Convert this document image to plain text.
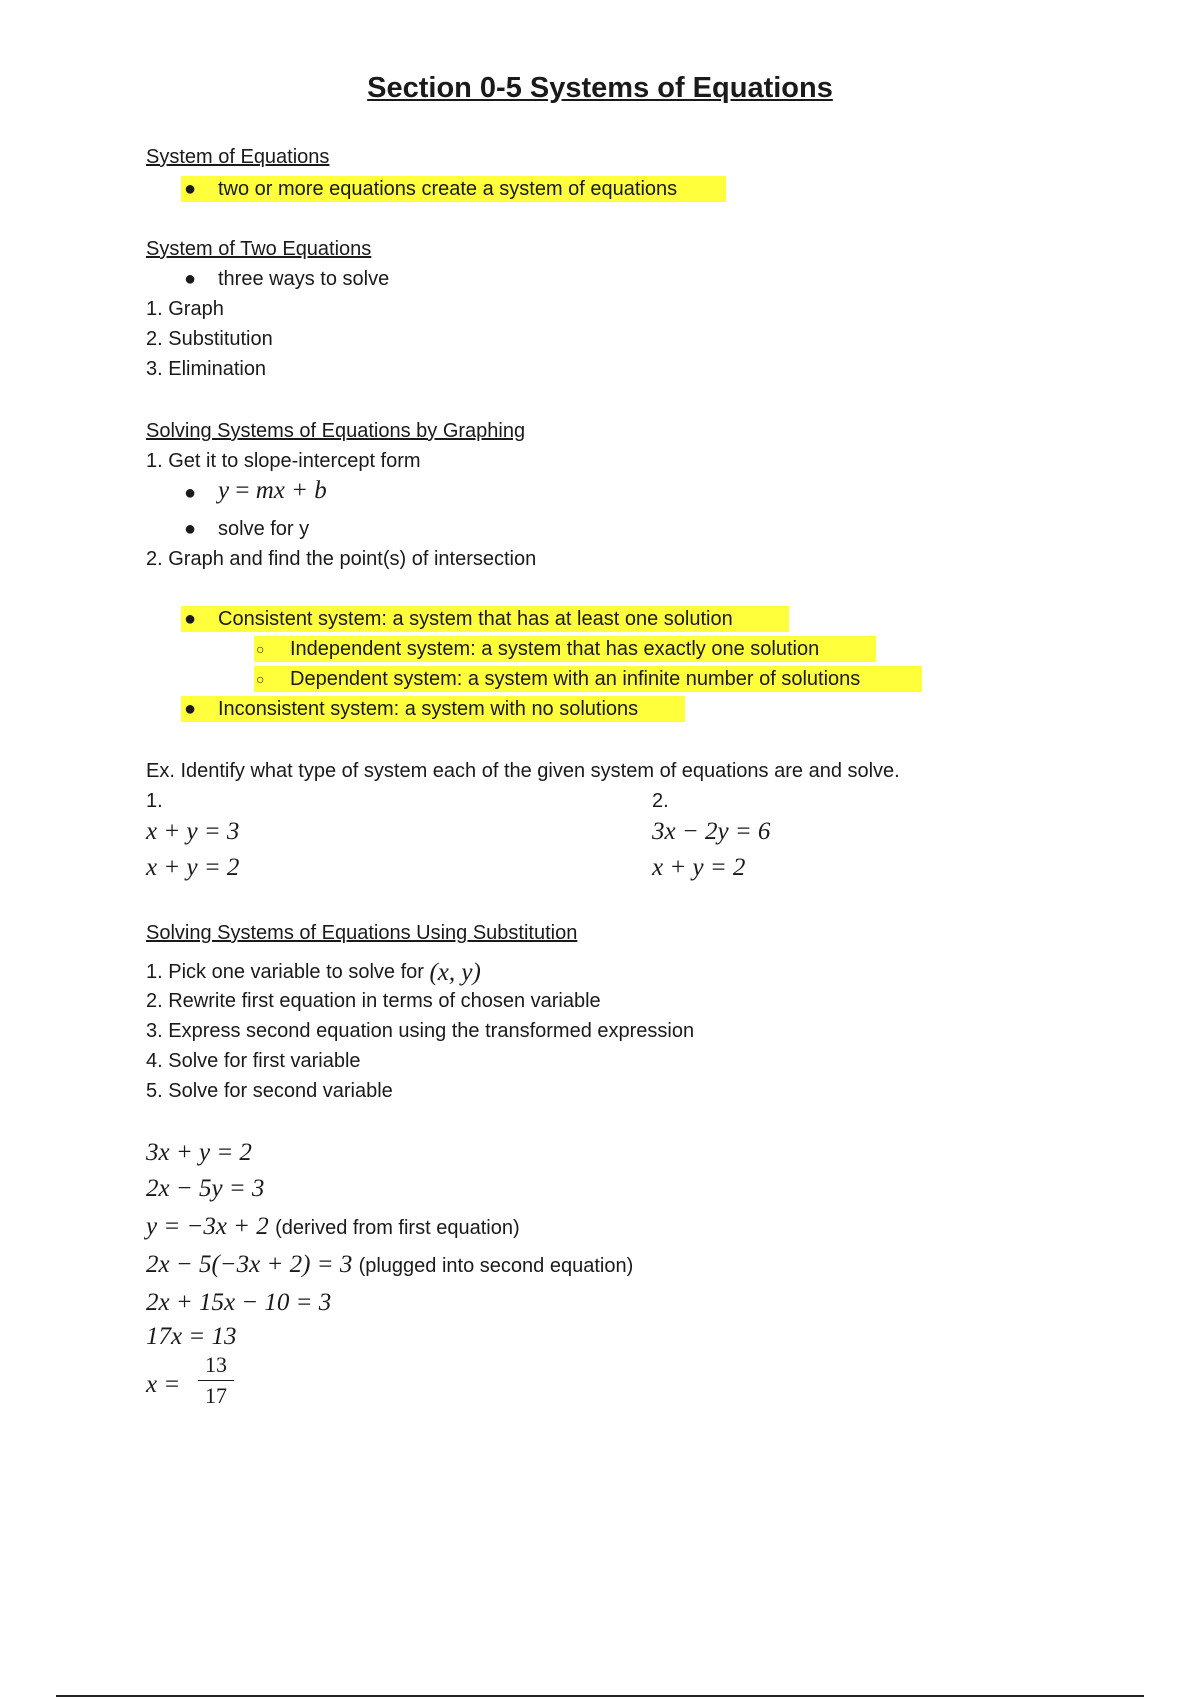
Section 0-5 Systems of Equations
System of Equations
● two or more equations create a system of equations
System of Two Equations
● three ways to solve
1. Graph
2. Substitution
3. Elimination
Solving Systems of Equations by Graphing
1. Get it to slope-intercept form
● y = mx + b
● solve for y
2. Graph and find the point(s) of intersection
● Consistent system: a system that has at least one solution
○ Independent system: a system that has exactly one solution
○ Dependent system: a system with an infinite number of solutions
● Inconsistent system: a system with no solutions
Ex. Identify what type of system each of the given system of equations are and solve.
1.	2.
x + y = 3
x + y = 2
3x − 2y = 6
x + y = 2
Solving Systems of Equations Using Substitution
1. Pick one variable to solve for (x, y)
2. Rewrite first equation in terms of chosen variable
3. Express second equation using the transformed expression
4. Solve for first variable
5. Solve for second variable
3x + y = 2
2x − 5y = 3
y = −3x + 2 (derived from first equation)
2x − 5(−3x + 2) = 3 (plugged into second equation)
2x + 15x − 10 = 3
17x = 13
$x = \frac{13}{17}$
